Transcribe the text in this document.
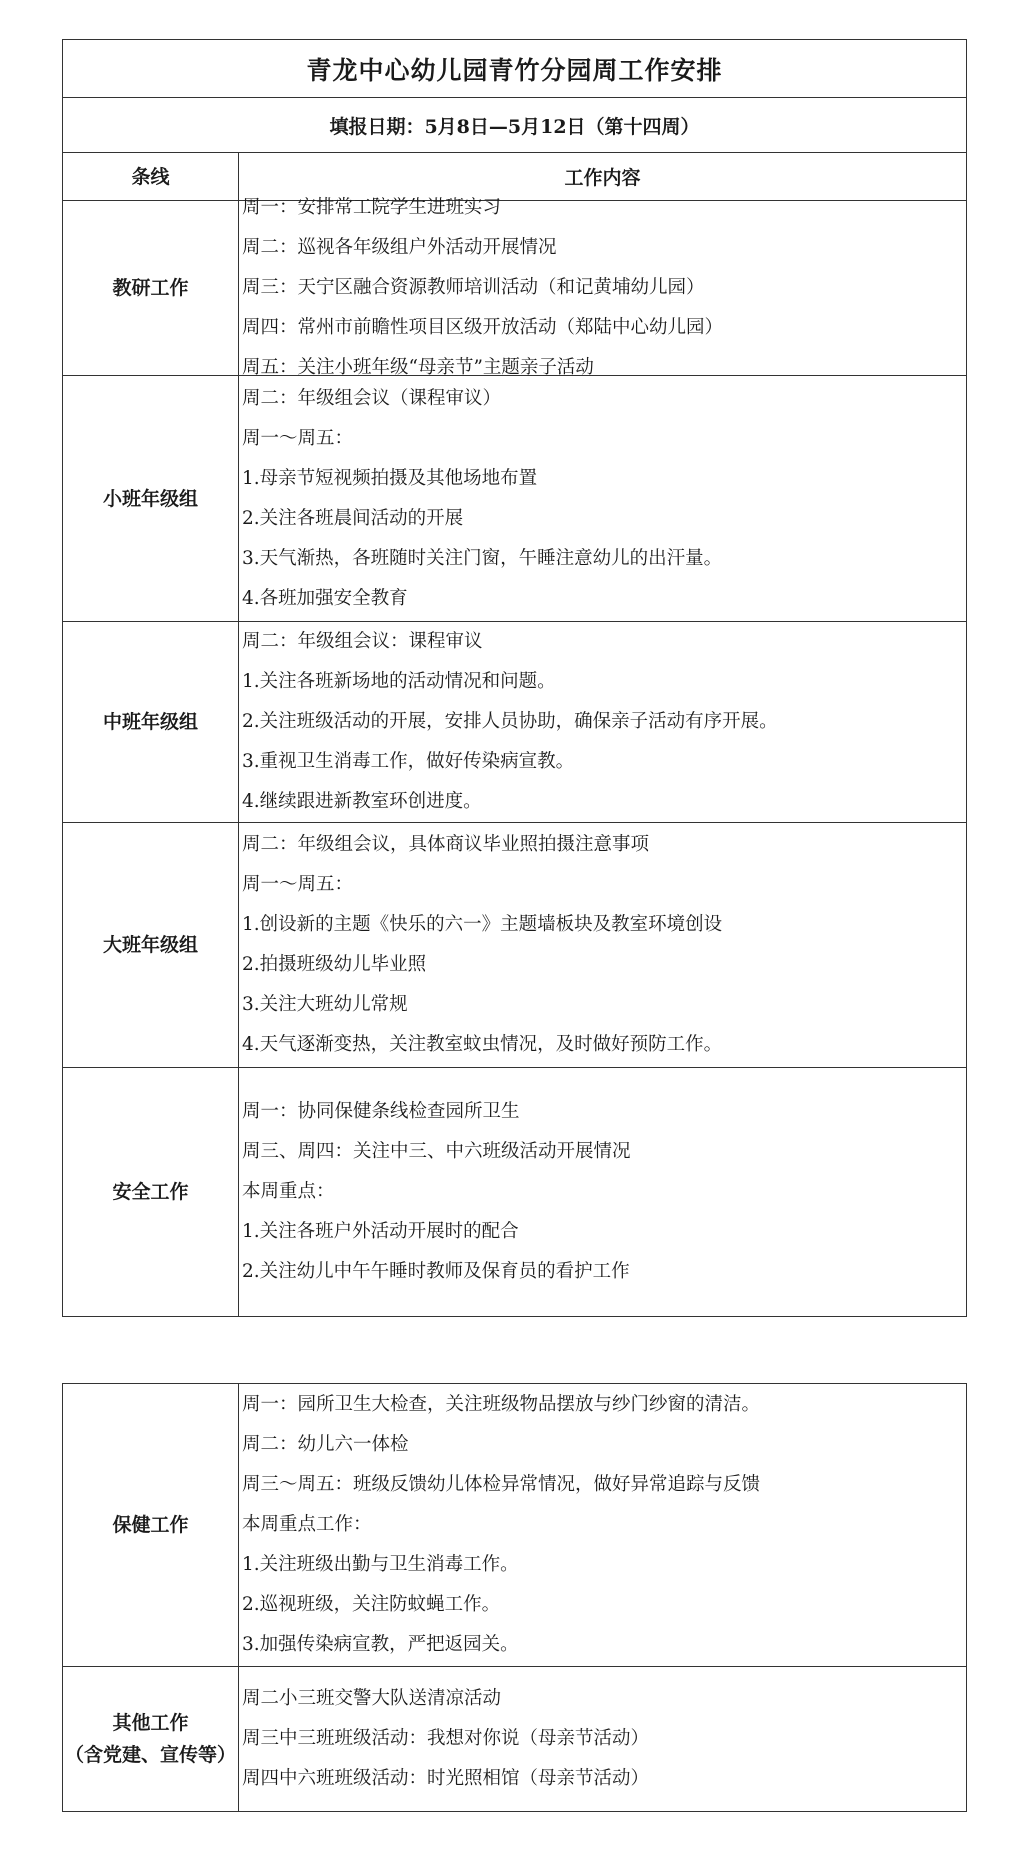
青龙中心幼儿园青竹分园周工作安排
填报日期：5月8日—5月12日（第十四周）
条线	工作内容
教研工作
周一：安排常工院学生进班实习
周二：巡视各年级组户外活动开展情况
周三：天宁区融合资源教师培训活动（和记黄埔幼儿园）
周四：常州市前瞻性项目区级开放活动（郑陆中心幼儿园）
周五：关注小班年级“母亲节”主题亲子活动
小班年级组
周二：年级组会议（课程审议）
周一～周五：
1.母亲节短视频拍摄及其他场地布置
2.关注各班晨间活动的开展
3.天气渐热，各班随时关注门窗，午睡注意幼儿的出汗量。
4.各班加强安全教育
中班年级组
周二：年级组会议：课程审议
1.关注各班新场地的活动情况和问题。
2.关注班级活动的开展，安排人员协助，确保亲子活动有序开展。
3.重视卫生消毒工作，做好传染病宣教。
4.继续跟进新教室环创进度。
大班年级组
周二：年级组会议，具体商议毕业照拍摄注意事项
周一～周五：
1.创设新的主题《快乐的六一》主题墙板块及教室环境创设
2.拍摄班级幼儿毕业照
3.关注大班幼儿常规
4.天气逐渐变热，关注教室蚊虫情况，及时做好预防工作。
安全工作
周一：协同保健条线检查园所卫生
周三、周四：关注中三、中六班级活动开展情况
本周重点：
1.关注各班户外活动开展时的配合
2.关注幼儿中午午睡时教师及保育员的看护工作
保健工作
周一：园所卫生大检查，关注班级物品摆放与纱门纱窗的清洁。
周二：幼儿六一体检
周三～周五：班级反馈幼儿体检异常情况，做好异常追踪与反馈
本周重点工作：
1.关注班级出勤与卫生消毒工作。
2.巡视班级，关注防蚊蝇工作。
3.加强传染病宣教，严把返园关。
其他工作
（含党建、宣传等）
周二小三班交警大队送清凉活动
周三中三班班级活动：我想对你说（母亲节活动）
周四中六班班级活动：时光照相馆（母亲节活动）
